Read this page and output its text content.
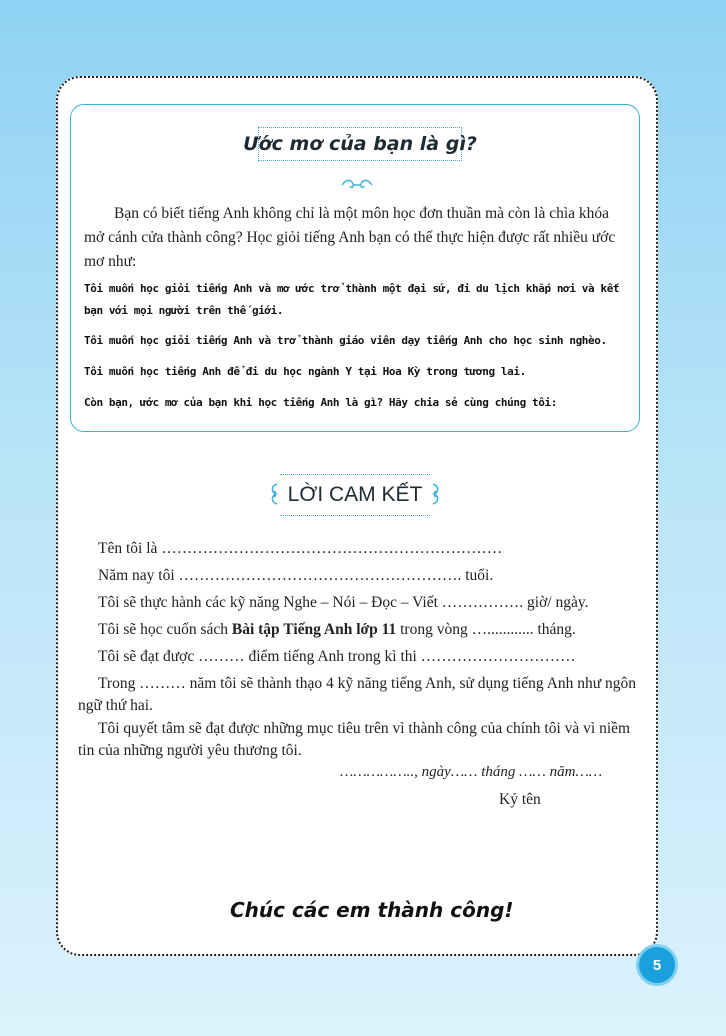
Ước mơ của bạn là gì?

Bạn có biết tiếng Anh không chỉ là một môn học đơn thuần mà còn là chìa khóa mở cánh cửa thành công? Học giỏi tiếng Anh bạn có thể thực hiện được rất nhiều ước mơ như:

Tôi muốn học giỏi tiếng Anh và mơ ước trở thành một đại sứ, đi du lịch khắp nơi và kết bạn với mọi người trên thế giới.

Tôi muốn học giỏi tiếng Anh và trở thành giáo viên dạy tiếng Anh cho học sinh nghèo.

Tôi muốn học tiếng Anh để đi du học ngành Y tại Hoa Kỳ trong tương lai.

Còn bạn, ước mơ của bạn khi học tiếng Anh là gì? Hãy chia sẻ cùng chúng tôi:

LỜI CAM KẾT

Tên tôi là …………………………………………………………

Năm nay tôi ………………………………………………. tuổi.

Tôi sẽ thực hành các kỹ năng Nghe – Nói – Đọc – Viết ……………. giờ/ ngày.

Tôi sẽ học cuốn sách Bài tập Tiếng Anh lớp 11 trong vòng …............ tháng.

Tôi sẽ đạt được ……… điểm tiếng Anh trong kì thi …………………………

Trong ……… năm tôi sẽ thành thạo 4 kỹ năng tiếng Anh, sử dụng tiếng Anh như ngôn ngữ thứ hai.

Tôi quyết tâm sẽ đạt được những mục tiêu trên vì thành công của chính tôi và vì niềm tin của những người yêu thương tôi.

…………….., ngày…… tháng …… năm……
Ký tên
Chúc các em thành công!
5
